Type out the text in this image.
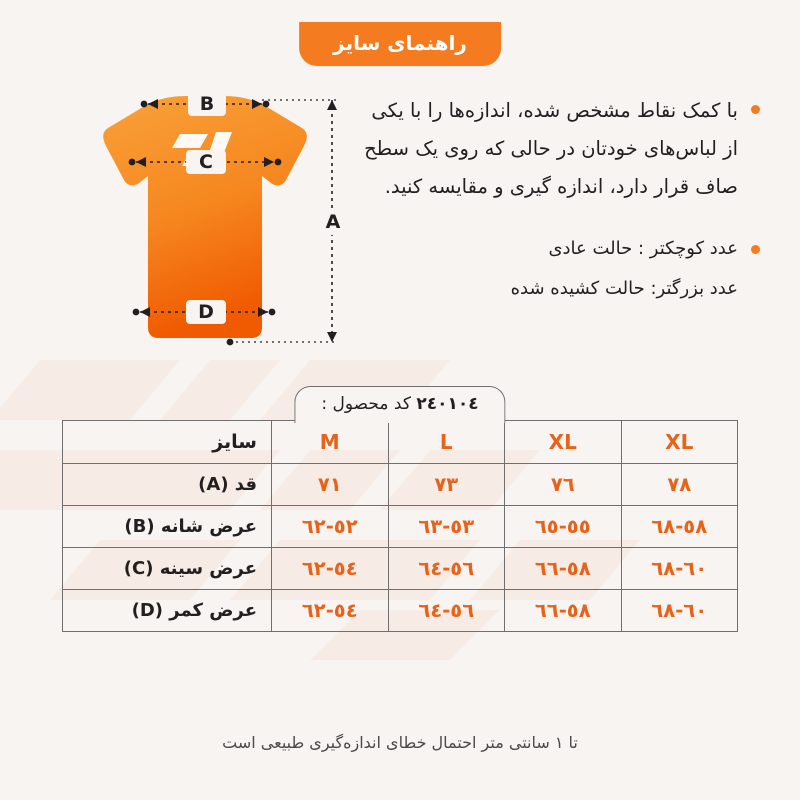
راهنمای سایز
B
C
D
A
با کمک نقاط مشخص شده، اندازه‌ها را با یکی از لباس‌های خودتان در حالی که روی یک سطح صاف قرار دارد، اندازه گیری و مقایسه کنید.
عدد کوچکتر : حالت عادی
عدد بزرگتر: حالت کشیده شده
٢٤٠١٠٤ کد محصول :
XL	XL	L	M	سایز
٧٨	٧٦	٧٣	٧١	قد (A)
٥٨-٦٨	٥٥-٦٥	٥٣-٦٣	٥٢-٦٢	عرض شانه (B)
٦٠-٦٨	٥٨-٦٦	٥٦-٦٤	٥٤-٦٢	عرض سینه (C)
٦٠-٦٨	٥٨-٦٦	٥٦-٦٤	٥٤-٦٢	عرض کمر (D)
تا ١ سانتی متر احتمال خطای اندازه‌گیری طبیعی است
